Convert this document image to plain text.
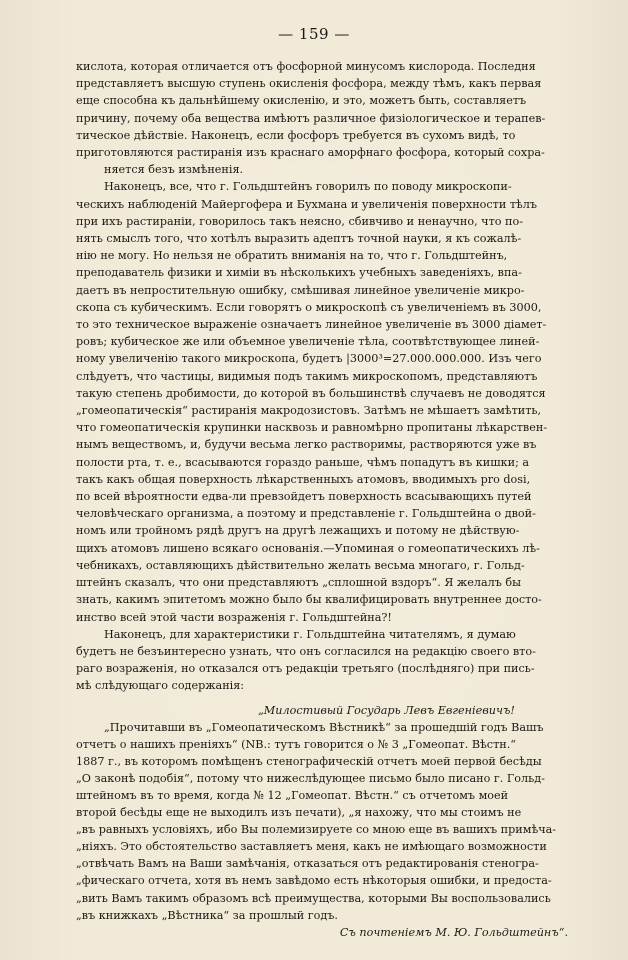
— 159 —
кислота, которая отличается отъ фосфорной минусомъ кислорода. Последня
представляетъ высшую ступень окисленія фосфора, между тѣмъ, какъ первая
еще способна къ дальнѣйшему окисленію, и это, можетъ быть, составляетъ
причину, почему оба вещества имѣютъ различное физіологическое и терапев-
тическое дѣйствіе. Наконецъ, если фосфоръ требуется въ сухомъ видѣ, то
приготовляются растиранія изъ краснаго аморфнаго фосфора, который сохра-
няется безъ измѣненія.
Наконецъ, все, что г. Гольдштейнъ говорилъ по поводу микроскопи-
ческихъ наблюденій Майергофера и Бухмана и увеличенія поверхности тѣлъ
при ихъ растираніи, говорилось такъ неясно, сбивчиво и ненаучно, что по-
нять смыслъ того, что хотѣлъ выразить адептъ точной науки, я къ сожалѣ-
нію не могу. Но нельзя не обратить вниманія на то, что г. Гольдштейнъ,
преподаватель физики и химіи въ нѣсколькихъ учебныхъ заведеніяхъ, впа-
даетъ въ непростительную ошибку, смѣшивая линейное увеличеніе микро-
скопа съ кубическимъ. Если говорятъ о микроскопѣ съ увеличеніемъ въ 3000,
то это техническое выраженіе означаетъ линейное увеличеніе въ 3000 діамет-
ровъ; кубическое же или объемное увеличеніе тѣла, соотвѣтствующее линей-
ному увеличенію такого микроскопа, будетъ |3000³=27.000.000.000. Изъ чего
слѣдуетъ, что частицы, видимыя подъ такимъ микроскопомъ, представляютъ
такую степень дробимости, до которой въ большинствѣ случаевъ не доводятся
„гомеопатическія“ растиранія макродозистовъ. Затѣмъ не мѣшаетъ замѣтить,
что гомеопатическія крупинки насквозь и равномѣрно пропитаны лѣкарствен-
нымъ веществомъ, и, будучи весьма легко растворимы, растворяются уже въ
полости рта, т. е., всасываются гораздо раньше, чѣмъ попадутъ въ кишки; а
такъ какъ общая поверхность лѣкарственныхъ атомовъ, вводимыхъ pro dosi,
по всей вѣроятности едва-ли превзойдетъ поверхность всасывающихъ путей
человѣческаго организма, а поэтому и представленіе г. Гольдштейна о двой-
номъ или тройномъ рядѣ другъ на другѣ лежащихъ и потому не дѣйствую-
щихъ атомовъ лишено всякаго основанія.—Упоминая о гомеопатическихъ лѣ-
чебникахъ, оставляющихъ дѣйствительно желать весьма многаго, г. Гольд-
штейнъ сказалъ, что они представляютъ „сплошной вздоръ“. Я желалъ бы
знать, какимъ эпитетомъ можно было бы квалифицировать внутреннее досто-
инство всей этой части возраженія г. Гольдштейна?!
Наконецъ, для характеристики г. Гольдштейна читателямъ, я думаю
будетъ не безъинтересно узнать, что онъ согласился на редакцію своего вто-
раго возраженія, но отказался отъ редакціи третьяго (послѣдняго) при пись-
мѣ слѣдующаго содержанія:
„Милостивый Государь Левъ Евгеніевичъ!
„Прочитавши въ „Гомеопатическомъ Вѣстникѣ“ за прошедшій годъ Вашъ
отчетъ о нашихъ преніяхъ“ (NB.: тутъ говорится о № 3 „Гомеопат. Вѣстн.“
1887 г., въ которомъ помѣщенъ стенографическій отчетъ моей первой бесѣды
„О законѣ подобія“, потому что нижеслѣдующее письмо было писано г. Гольд-
штейномъ въ то время, когда № 12 „Гомеопат. Вѣстн.“ съ отчетомъ моей
второй бесѣды еще не выходилъ изъ печати), „я нахожу, что мы стоимъ не
„въ равныхъ условіяхъ, ибо Вы полемизируете со мною еще въ вашихъ примѣча-
„ніяхъ. Это обстоятельство заставляетъ меня, какъ не имѣющаго возможности
„отвѣчать Вамъ на Ваши замѣчанія, отказаться отъ редактированія стеногра-
„фическаго отчета, хотя въ немъ завѣдомо есть нѣкоторыя ошибки, и предоста-
„вить Вамъ такимъ образомъ всѣ преимущества, которыми Вы воспользовались
„въ книжкахъ „Вѣстника“ за прошлый годъ.
Съ почтеніемъ М. Ю. Гольдштейнъ“.
